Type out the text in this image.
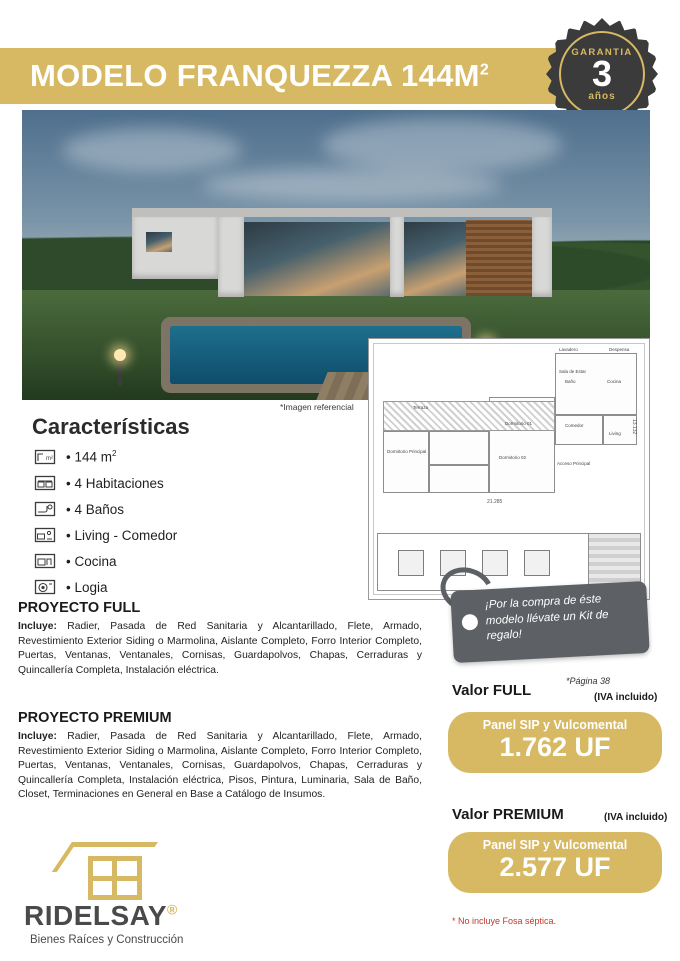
MODELO FRANQUEZZA $144M^2$
GARANTIA
3
años
*Imagen referencial
Características
m² • 144 $m^2$
• 4 Habitaciones
• 4 Baños
• Living - Comedor
• Cocina
• Logia
Lavadero	Despensa
Cocina
Baño
Sala de Estar
Comedor
Living
Dormitorio 01
Dormitorio 02
Dormitorio Principal
Terraza
Acceso Principal
21.285
13.132
¡Por la compra de éste modelo llévate un Kit de regalo!
*Página 38
PROYECTO FULL
Incluye: Radier, Pasada de Red Sanitaria y Alcantarillado, Flete, Armado, Revestimiento Exterior Siding o Marmolina, Aislante Completo, Forro Interior Completo, Puertas, Ventanas, Ventanales, Cornisas, Guardapolvos, Chapas, Cerraduras y Quincallería Completa, Instalación eléctrica.
PROYECTO PREMIUM
Incluye: Radier, Pasada de Red Sanitaria y Alcantarillado, Flete, Armado, Revestimiento Exterior Siding o Marmolina, Aislante Completo, Forro Interior Completo, Puertas, Ventanas, Ventanales, Cornisas, Guardapolvos, Chapas, Cerraduras y Quincallería Completa, Instalación eléctrica, Pisos, Pintura, Luminaria, Sala de Baño, Closet, Terminaciones en General en Base a Catálogo de Insumos.
Valor FULL	(IVA incluido)
Panel SIP y Vulcomental
1.762 UF
Valor PREMIUM	(IVA incluido)
Panel SIP y Vulcomental
2.577 UF
* No incluye Fosa séptica.
RIDELSAY®
Bienes Raíces y Construcción
